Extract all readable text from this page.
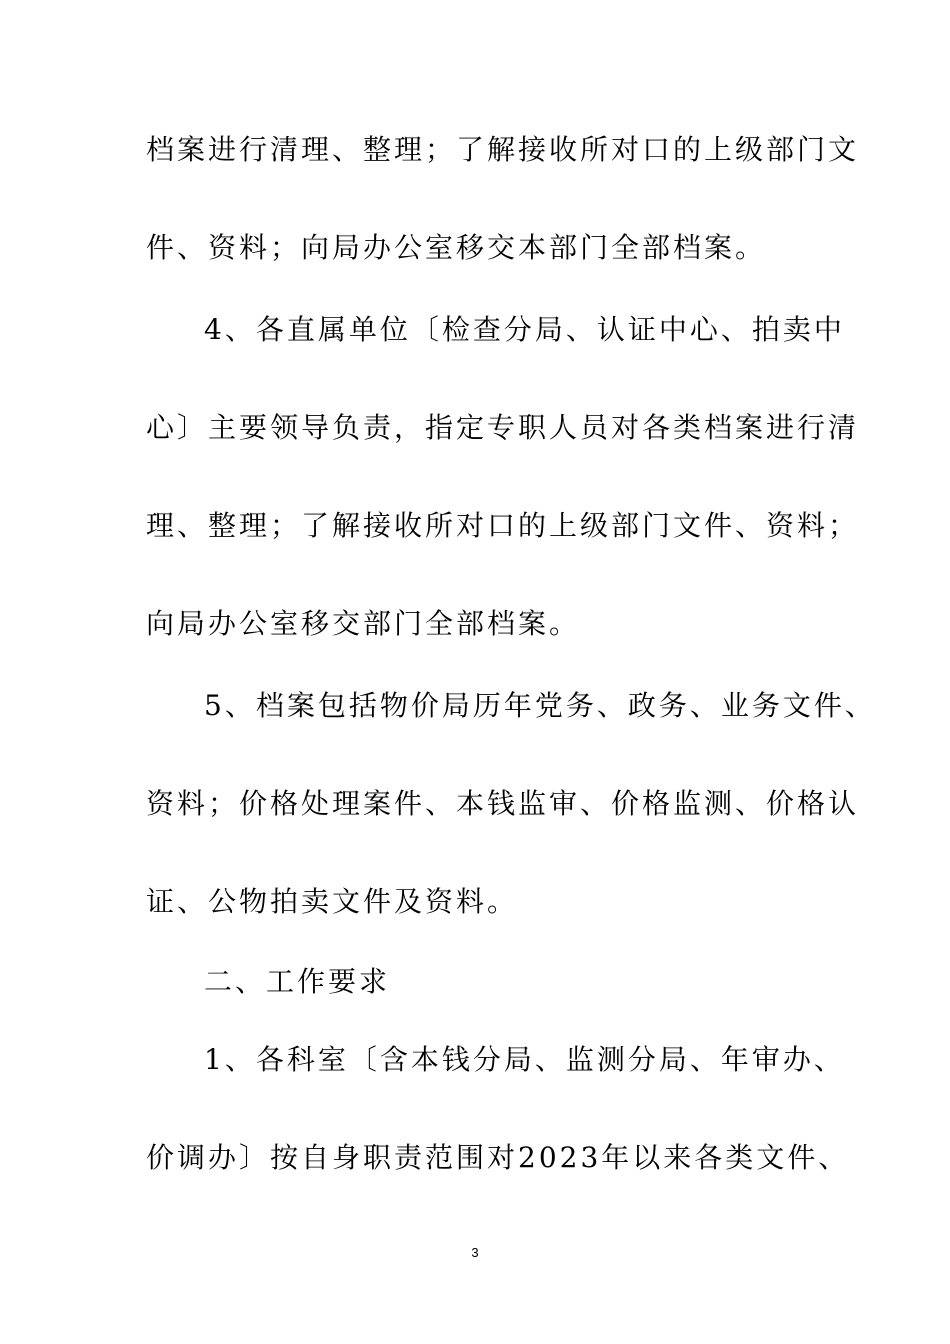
档案进行清理、整理；了解接收所对口的上级部门文
件、资料；向局办公室移交本部门全部档案。
4、各直属单位〔检查分局、认证中心、拍卖中
心〕主要领导负责，指定专职人员对各类档案进行清
理、整理；了解接收所对口的上级部门文件、资料；
向局办公室移交部门全部档案。
5、档案包括物价局历年党务、政务、业务文件、
资料；价格处理案件、本钱监审、价格监测、价格认
证、公物拍卖文件及资料。
二、工作要求
1、各科室〔含本钱分局、监测分局、年审办、
价调办〕按自身职责范围对2023年以来各类文件、
3
